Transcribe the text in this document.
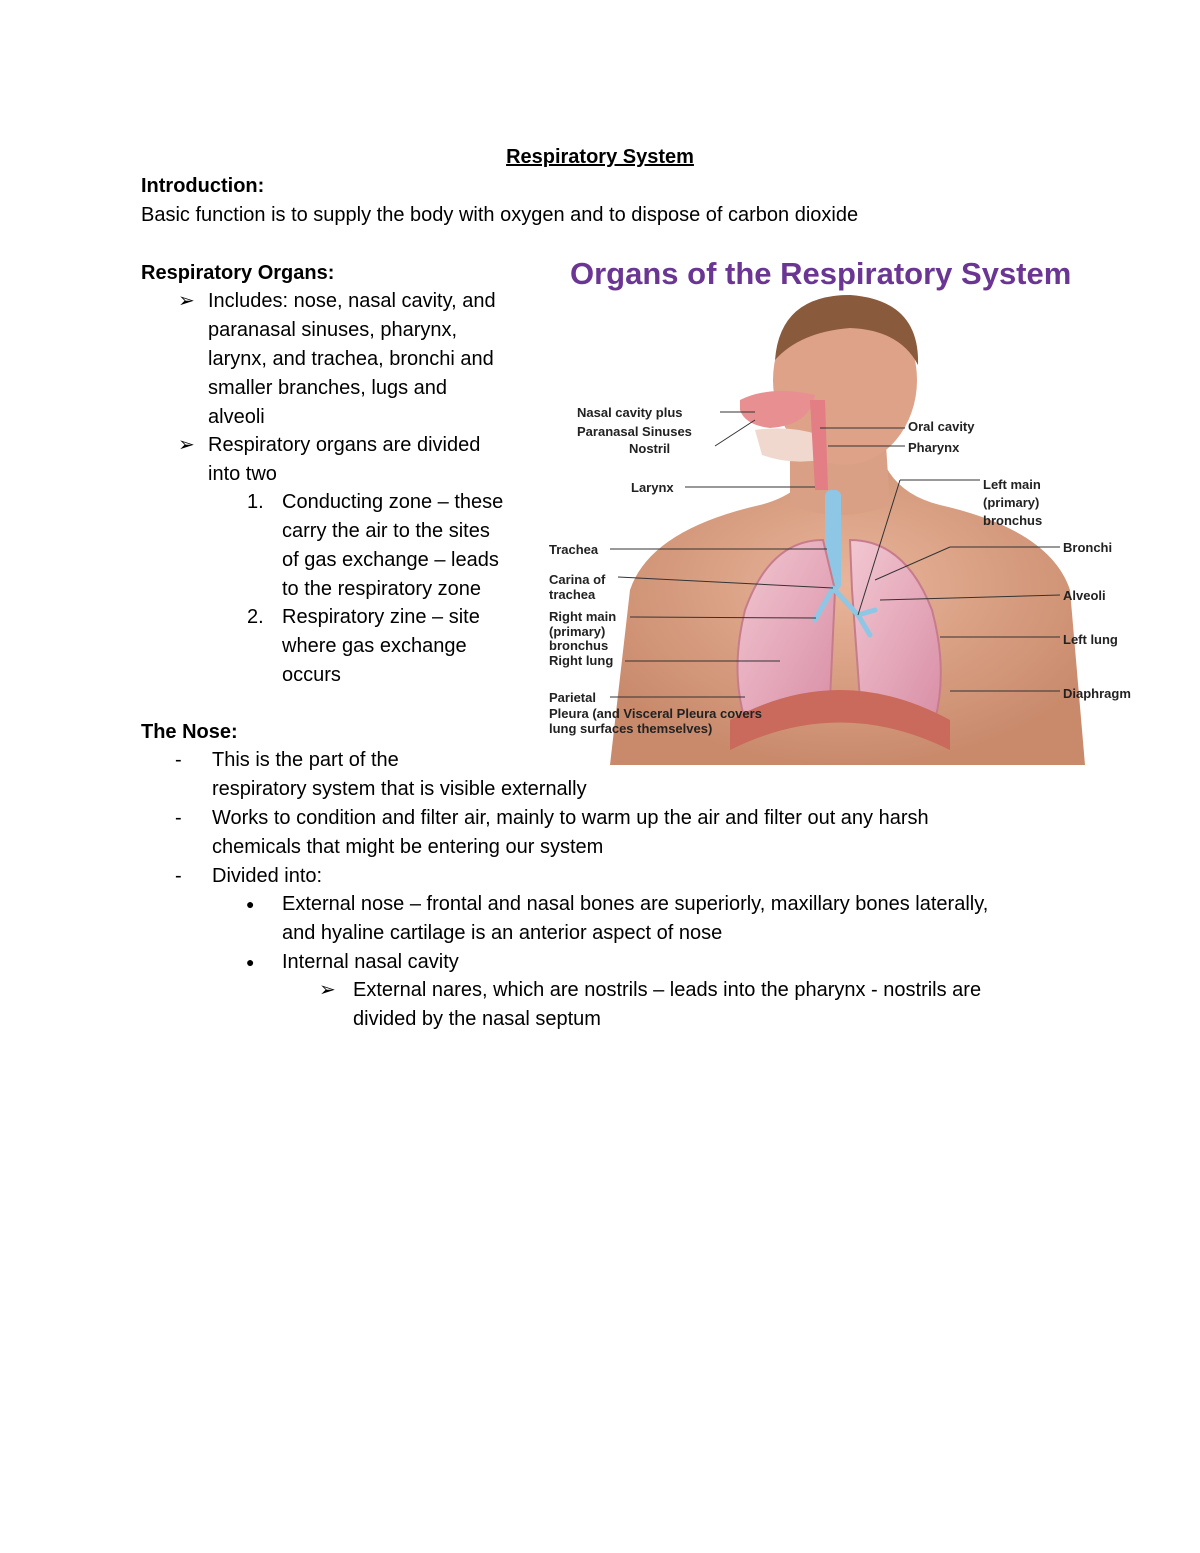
Respiratory System
Introduction:
Basic function is to supply the body with oxygen and to dispose of carbon dioxide
Respiratory Organs:
➢ Includes: nose, nasal cavity, and
paranasal sinuses, pharynx,
larynx, and trachea, bronchi and
smaller branches, lugs and
alveoli
➢ Respiratory organs are divided
into two
1. Conducting zone – these
carry the air to the sites
of gas exchange – leads
to the respiratory zone
2. Respiratory zine – site
where gas exchange
occurs
The Nose:
-	This is the part of the
respiratory system that is visible externally
-	Works to condition and filter air, mainly to warm up the air and filter out any harsh
chemicals that might be entering our system
-	Divided into:
●	External nose – frontal and nasal bones are superiorly, maxillary bones laterally,
and hyaline cartilage is an anterior aspect of nose
●	Internal nasal cavity
➢ External nares, which are nostrils – leads into the pharynx - nostrils are
divided by the nasal septum
Organs of the Respiratory System
Nasal cavity plus
Paranasal Sinuses
Nostril
Larynx
Trachea
Carina of
trachea
Right main
(primary)
bronchus
Right lung
Parietal
Pleura (and Visceral Pleura covers
lung surfaces themselves)
Oral cavity
Pharynx
Left main
(primary)
bronchus
Bronchi
Alveoli
Left lung
Diaphragm
